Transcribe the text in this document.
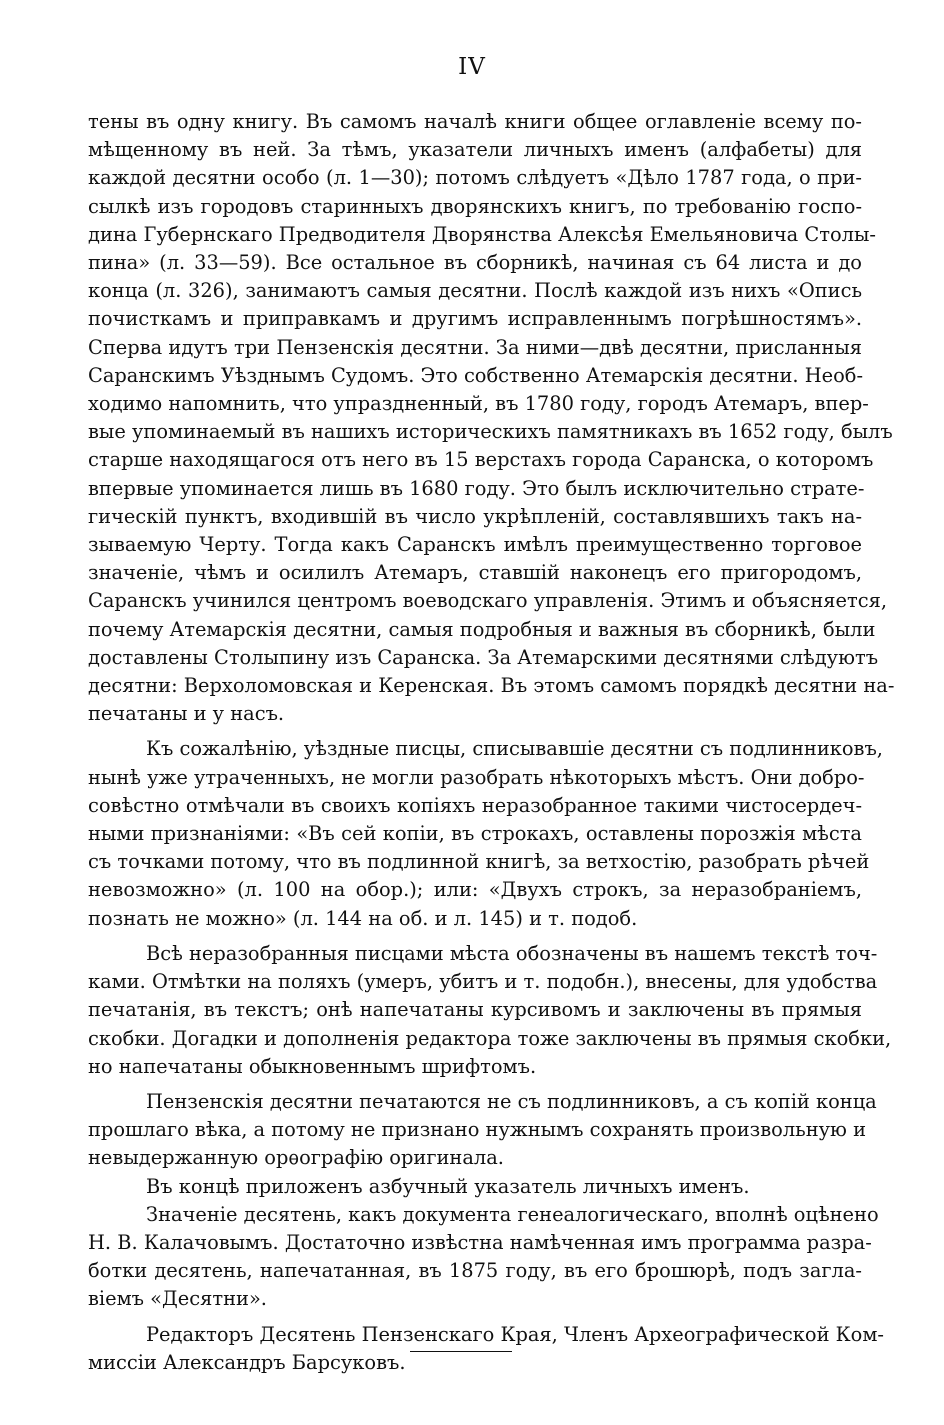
IV
тены въ одну книгу. Въ самомъ началѣ книги общее оглавленіе всему по-
мѣщенному въ ней. За тѣмъ, указатели личныхъ именъ (алфабеты) для
каждой десятни особо (л. 1—30); потомъ слѣдуетъ «Дѣло 1787 года, о при-
сылкѣ изъ городовъ старинныхъ дворянскихъ книгъ, по требованію госпо-
дина Губернскаго Предводителя Дворянства Алексѣя Емельяновича Столы-
пина» (л. 33—59). Все остальное въ сборникѣ, начиная съ 64 листа и до
конца (л. 326), занимаютъ самыя десятни. Послѣ каждой изъ нихъ «Опись
почисткамъ и приправкамъ и другимъ исправленнымъ погрѣшностямъ».
Сперва идутъ три Пензенскія десятни. За ними—двѣ десятни, присланныя
Саранскимъ Уѣзднымъ Судомъ. Это собственно Атемарскія десятни. Необ-
ходимо напомнить, что упраздненный, въ 1780 году, городъ Атемаръ, впер-
вые упоминаемый въ нашихъ историческихъ памятникахъ въ 1652 году, былъ
старше находящагося отъ него въ 15 верстахъ города Саранска, о которомъ
впервые упоминается лишь въ 1680 году. Это былъ исключительно страте-
гическій пунктъ, входившій въ число укрѣпленій, составлявшихъ такъ на-
зываемую Черту. Тогда какъ Саранскъ имѣлъ преимущественно торговое
значеніе, чѣмъ и осилилъ Атемаръ, ставшій наконецъ его пригородомъ,
Саранскъ учинился центромъ воеводскаго управленія. Этимъ и объясняется,
почему Атемарскія десятни, самыя подробныя и важныя въ сборникѣ, были
доставлены Столыпину изъ Саранска. За Атемарскими десятнями слѣдуютъ
десятни: Верхоломовская и Керенская. Въ этомъ самомъ порядкѣ десятни на-
печатаны и у насъ.
Къ сожалѣнію, уѣздные писцы, списывавшіе десятни съ подлинниковъ,
нынѣ уже утраченныхъ, не могли разобрать нѣкоторыхъ мѣстъ. Они добро-
совѣстно отмѣчали въ своихъ копіяхъ неразобранное такими чистосердеч-
ными признаніями: «Въ сей копіи, въ строкахъ, оставлены порозжія мѣста
съ точками потому, что въ подлинной книгѣ, за ветхостію, разобрать рѣчей
невозможно» (л. 100 на обор.); или: «Двухъ строкъ, за неразобраніемъ,
познать не можно» (л. 144 на об. и л. 145) и т. подоб.
Всѣ неразобранныя писцами мѣста обозначены въ нашемъ текстѣ точ-
ками. Отмѣтки на поляхъ (умеръ, убитъ и т. подобн.), внесены, для удобства
печатанія, въ текстъ; онѣ напечатаны курсивомъ и заключены въ прямыя
скобки. Догадки и дополненія редактора тоже заключены въ прямыя скобки,
но напечатаны обыкновеннымъ шрифтомъ.
Пензенскія десятни печатаются не съ подлинниковъ, а съ копій конца
прошлаго вѣка, а потому не признано нужнымъ сохранять произвольную и
невыдержанную орѳографію оригинала.
Въ концѣ приложенъ азбучный указатель личныхъ именъ.
Значеніе десятень, какъ документа генеалогическаго, вполнѣ оцѣнено
Н. В. Калачовымъ. Достаточно извѣстна намѣченная имъ программа разра-
ботки десятень, напечатанная, въ 1875 году, въ его брошюрѣ, подъ загла-
віемъ «Десятни».
Редакторъ Десятень Пензенскаго Края, Членъ Археографической Ком-
миссіи Александръ Барсуковъ.
